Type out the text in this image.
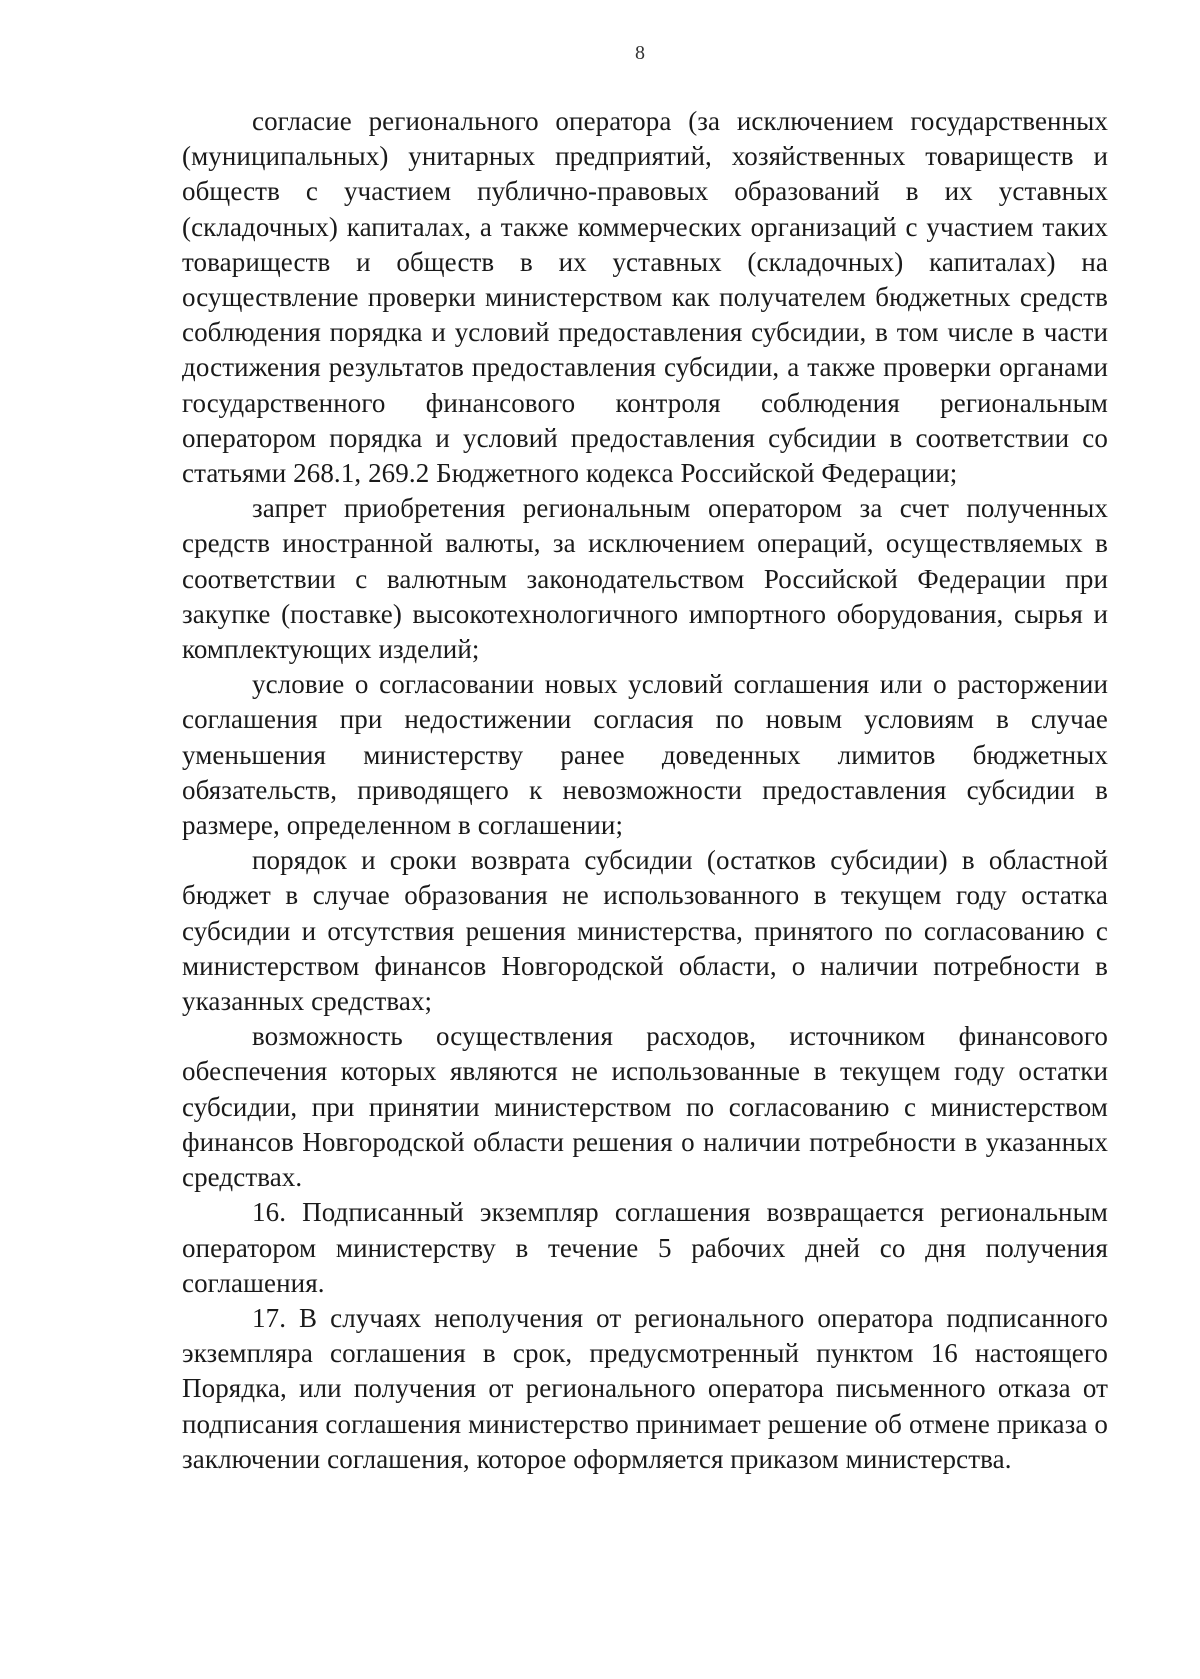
8

согласие регионального оператора (за исключением государственных (муниципальных) унитарных предприятий, хозяйственных товариществ и обществ с участием публично-правовых образований в их уставных (складочных) капиталах, а также коммерческих организаций с участием таких товариществ и обществ в их уставных (складочных) капиталах) на осуществление проверки министерством как получателем бюджетных средств соблюдения порядка и условий предоставления субсидии, в том числе в части достижения результатов предоставления субсидии, а также проверки органами государственного финансового контроля соблюдения региональным оператором порядка и условий предоставления субсидии в соответствии со статьями 268.1, 269.2 Бюджетного кодекса Российской Федерации;

запрет приобретения региональным оператором за счет полученных средств иностранной валюты, за исключением операций, осуществляемых в соответствии с валютным законодательством Российской Федерации при закупке (поставке) высокотехнологичного импортного оборудования, сырья и комплектующих изделий;

условие о согласовании новых условий соглашения или о расторжении соглашения при недостижении согласия по новым условиям в случае уменьшения министерству ранее доведенных лимитов бюджетных обязательств, приводящего к невозможности предоставления субсидии в размере, определенном в соглашении;

порядок и сроки возврата субсидии (остатков субсидии) в областной бюджет в случае образования не использованного в текущем году остатка субсидии и отсутствия решения министерства, принятого по согласованию с министерством финансов Новгородской области, о наличии потребности в указанных средствах;

возможность осуществления расходов, источником финансового обеспечения которых являются не использованные в текущем году остатки субсидии, при принятии министерством по согласованию с министерством финансов Новгородской области решения о наличии потребности в указанных средствах.

16. Подписанный экземпляр соглашения возвращается региональным оператором министерству в течение 5 рабочих дней со дня получения соглашения.

17. В случаях неполучения от регионального оператора подписанного экземпляра соглашения в срок, предусмотренный пунктом 16 настоящего Порядка, или получения от регионального оператора письменного отказа от подписания соглашения министерство принимает решение об отмене приказа о заключении соглашения, которое оформляется приказом министерства.
